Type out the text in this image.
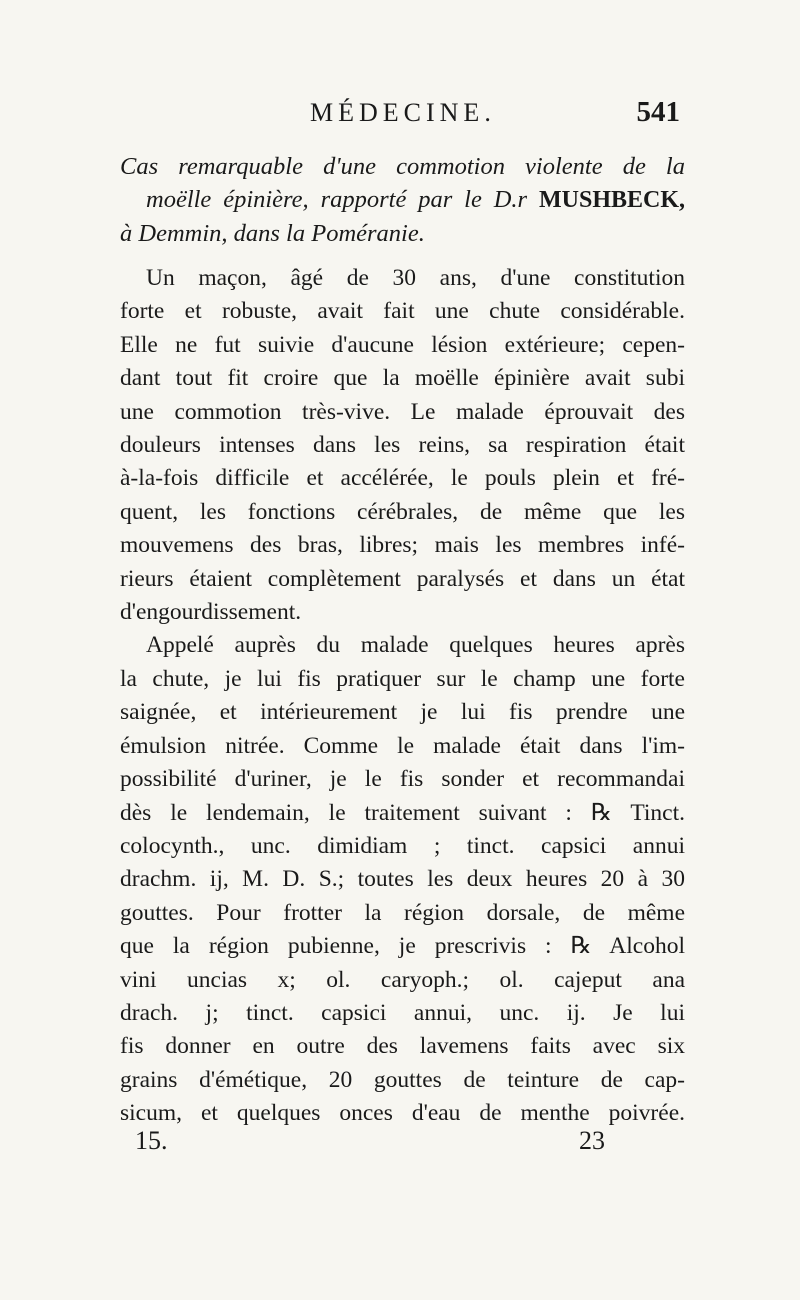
MÉDECINE.	541
Cas remarquable d'une commotion violente de la
moëlle épinière, rapporté par le D.r MUSHBECK,
à Demmin, dans la Poméranie.
Un maçon, âgé de 30 ans, d'une constitution
forte et robuste, avait fait une chute considérable.
Elle ne fut suivie d'aucune lésion extérieure; cepen-
dant tout fit croire que la moëlle épinière avait subi
une commotion très-vive. Le malade éprouvait des
douleurs intenses dans les reins, sa respiration était
à-la-fois difficile et accélérée, le pouls plein et fré-
quent, les fonctions cérébrales, de même que les
mouvemens des bras, libres; mais les membres infé-
rieurs étaient complètement paralysés et dans un état
d'engourdissement.
Appelé auprès du malade quelques heures après
la chute, je lui fis pratiquer sur le champ une forte
saignée, et intérieurement je lui fis prendre une
émulsion nitrée. Comme le malade était dans l'im-
possibilité d'uriner, je le fis sonder et recommandai
dès le lendemain, le traitement suivant : ℞ Tinct.
colocynth., unc. dimidiam ; tinct. capsici annui
drachm. ij, M. D. S.; toutes les deux heures 20 à 30
gouttes. Pour frotter la région dorsale, de même
que la région pubienne, je prescrivis : ℞ Alcohol
vini uncias x; ol. caryoph.; ol. cajeput ana
drach. j; tinct. capsici annui, unc. ij. Je lui
fis donner en outre des lavemens faits avec six
grains d'émétique, 20 gouttes de teinture de cap-
sicum, et quelques onces d'eau de menthe poivrée.
15.	23
